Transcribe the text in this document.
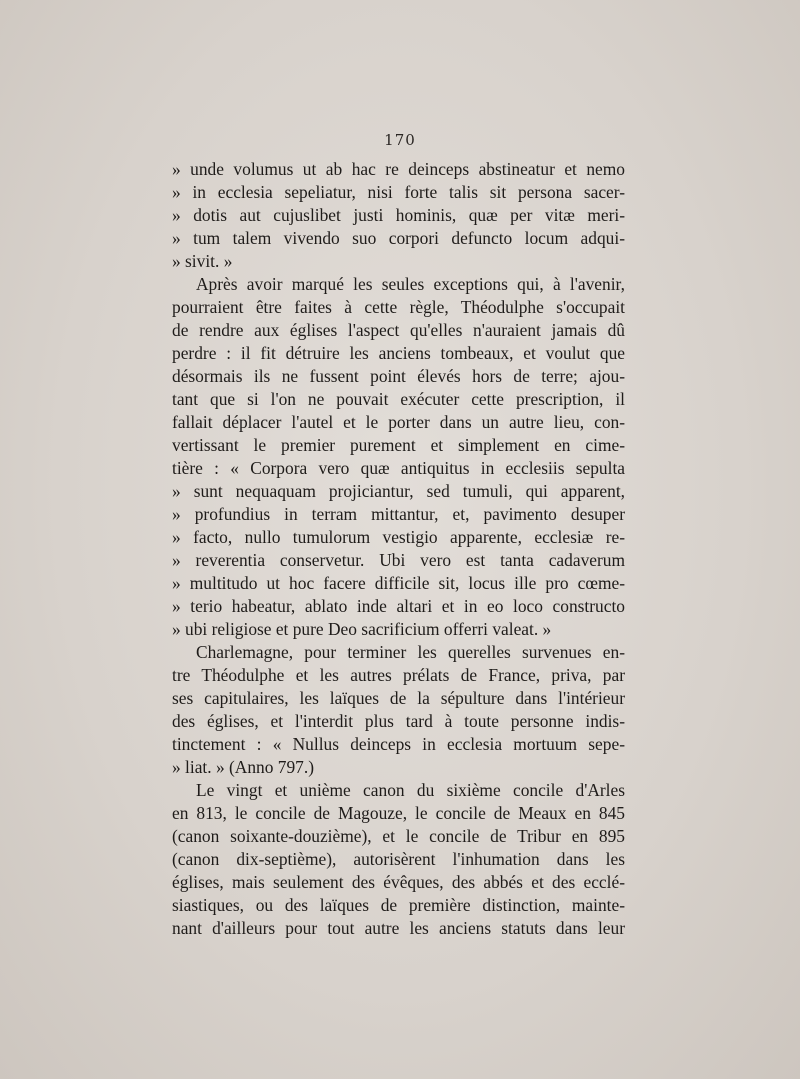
170
» unde volumus ut ab hac re deinceps abstineatur et nemo
» in ecclesia sepeliatur, nisi forte talis sit persona sacer-
» dotis aut cujuslibet justi hominis, quæ per vitæ meri-
» tum talem vivendo suo corpori defuncto locum adqui-
» sivit. »
Après avoir marqué les seules exceptions qui, à l'avenir,
pourraient être faites à cette règle, Théodulphe s'occupait
de rendre aux églises l'aspect qu'elles n'auraient jamais dû
perdre : il fit détruire les anciens tombeaux, et voulut que
désormais ils ne fussent point élevés hors de terre; ajou-
tant que si l'on ne pouvait exécuter cette prescription, il
fallait déplacer l'autel et le porter dans un autre lieu, con-
vertissant le premier purement et simplement en cime-
tière : « Corpora vero quæ antiquitus in ecclesiis sepulta
» sunt nequaquam projiciantur, sed tumuli, qui apparent,
» profundius in terram mittantur, et, pavimento desuper
» facto, nullo tumulorum vestigio apparente, ecclesiæ re-
» reverentia conservetur. Ubi vero est tanta cadaverum
» multitudo ut hoc facere difficile sit, locus ille pro cœme-
» terio habeatur, ablato inde altari et in eo loco constructo
» ubi religiose et pure Deo sacrificium offerri valeat. »
Charlemagne, pour terminer les querelles survenues en-
tre Théodulphe et les autres prélats de France, priva, par
ses capitulaires, les laïques de la sépulture dans l'intérieur
des églises, et l'interdit plus tard à toute personne indis-
tinctement : « Nullus deinceps in ecclesia mortuum sepe-
» liat. » (Anno 797.)
Le vingt et unième canon du sixième concile d'Arles
en 813, le concile de Magouze, le concile de Meaux en 845
(canon soixante-douzième), et le concile de Tribur en 895
(canon dix-septième), autorisèrent l'inhumation dans les
églises, mais seulement des évêques, des abbés et des ecclé-
siastiques, ou des laïques de première distinction, mainte-
nant d'ailleurs pour tout autre les anciens statuts dans leur
